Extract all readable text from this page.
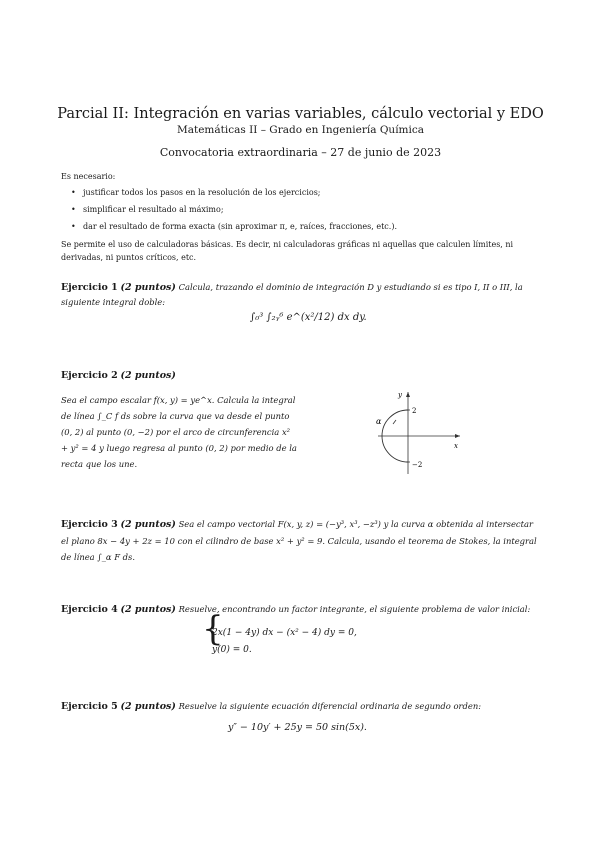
Parcial II: Integración en varias variables, cálculo vectorial y EDO
Matemáticas II – Grado en Ingeniería Química
Convocatoria extraordinaria – 27 de junio de 2023
Es necesario:
• justificar todos los pasos en la resolución de los ejercicios;
• simplificar el resultado al máximo;
• dar el resultado de forma exacta (sin aproximar π, e, raíces, fracciones, etc.).
Se permite el uso de calculadoras básicas. Es decir, ni calculadoras gráficas ni aquellas que calculen límites, ni derivadas, ni puntos críticos, etc.
Ejercicio 1 (2 puntos) Calcula, trazando el dominio de integración D y estudiando si es tipo I, II o III, la siguiente integral doble:
∫₀³ ∫₂ᵧ⁶ e^(x²/12) dx dy.
Ejercicio 2 (2 puntos)
Sea el campo escalar f(x, y) = ye^x. Calcula la integral de línea ∫_C f ds sobre la curva que va desde el punto (0, 2) al punto (0, −2) por el arco de circunferencia x² + y² = 4 y luego regresa al punto (0, 2) por medio de la recta que los une.
y
x
2
−2
α
Ejercicio 3 (2 puntos) Sea el campo vectorial F(x, y, z) = (−y³, x³, −z³) y la curva α obtenida al intersectar el plano 8x − 4y + 2z = 10 con el cilindro de base x² + y² = 9. Calcula, usando el teorema de Stokes, la integral de línea ∫_α F ds.
Ejercicio 4 (2 puntos) Resuelve, encontrando un factor integrante, el siguiente problema de valor inicial:
{
2x(1 − 4y) dx − (x² − 4) dy = 0,
y(0) = 0.
Ejercicio 5 (2 puntos) Resuelve la siguiente ecuación diferencial ordinaria de segundo orden:
y″ − 10y′ + 25y = 50 sin(5x).
